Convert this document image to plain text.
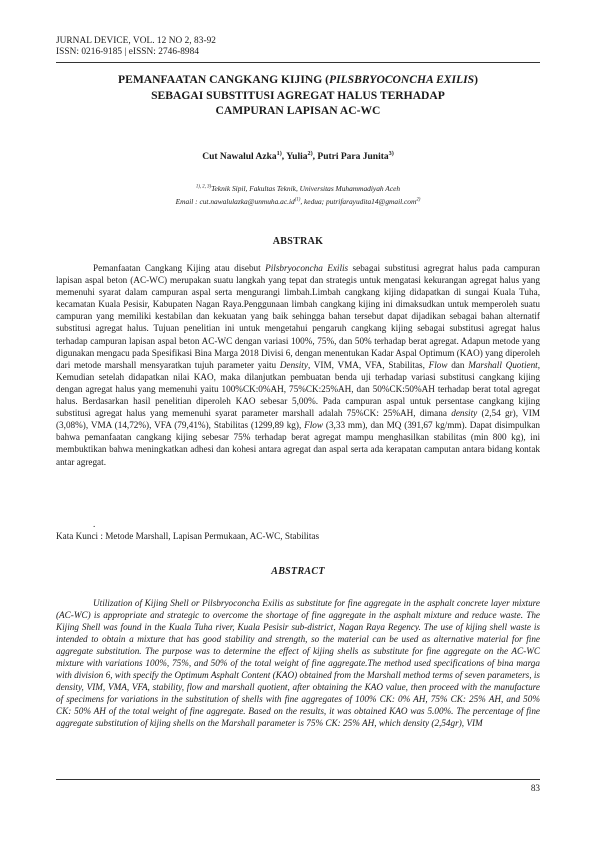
JURNAL DEVICE, VOL. 12 NO 2, 83-92
ISSN: 0216-9185 | eISSN: 2746-8984
PEMANFAATAN CANGKANG KIJING (PILSBRYOCONCHA EXILIS)
SEBAGAI SUBSTITUSI AGREGAT HALUS TERHADAP
CAMPURAN LAPISAN AC-WC
Cut Nawalul Azka$^{1)}$, Yulia$^{2)}$, Putri Para Junita$^{3)}$
$^{1), 2, 3)}$Teknik Sipil, Fakultas Teknik, Universitas Muhammadiyah Aceh
Email : $cut.nawalulazka@unmuha.ac.id^{(1)}$, kedua; putrifarayudita14@gmail.com$^{2)}$
ABSTRAK

Pemanfaatan Cangkang Kijing atau disebut Pilsbryoconcha Exilis sebagai substitusi agregrat halus pada campuran lapisan aspal beton (AC-WC) merupakan suatu langkah yang tepat dan strategis untuk mengatasi kekurangan agregat halus yang memenuhi syarat dalam campuran aspal serta mengurangi limbah.Limbah cangkang kijing didapatkan di sungai Kuala Tuha, kecamatan Kuala Pesisir, Kabupaten Nagan Raya.Penggunaan limbah cangkang kijing ini dimaksudkan untuk memperoleh suatu campuran yang memiliki kestabilan dan kekuatan yang baik sehingga bahan tersebut dapat dijadikan sebagai bahan alternatif substitusi agregat halus. Tujuan penelitian ini untuk mengetahui pengaruh cangkang kijing sebagai substitusi agregat halus terhadap campuran lapisan aspal beton AC-WC dengan variasi 100%, 75%, dan 50% terhadap berat agregat. Adapun metode yang digunakan mengacu pada Spesifikasi Bina Marga 2018 Divisi 6, dengan menentukan Kadar Aspal Optimum (KAO) yang diperoleh dari metode marshall mensyaratkan tujuh parameter yaitu Density, VIM, VMA, VFA, Stabilitas, Flow dan Marshall Quotient, Kemudian setelah didapatkan nilai KAO, maka dilanjutkan pembuatan benda uji terhadap variasi substitusi cangkang kijing dengan agregat halus yang memenuhi yaitu 100%CK:0%AH, 75%CK:25%AH, dan 50%CK:50%AH terhadap berat total agregat halus. Berdasarkan hasil penelitian diperoleh KAO sebesar 5,00%. Pada campuran aspal untuk persentase cangkang kijing substitusi agregat halus yang memenuhi syarat parameter marshall adalah 75%CK: 25%AH, dimana density (2,54 gr), VIM (3,08%), VMA (14,72%), VFA (79,41%), Stabilitas (1299,89 kg), Flow (3,33 mm), dan MQ (391,67 kg/mm). Dapat disimpulkan bahwa pemanfaatan cangkang kijing sebesar 75% terhadap berat agregat mampu menghasilkan stabilitas (min 800 kg), ini membuktikan bahwa meningkatkan adhesi dan kohesi antara agregat dan aspal serta ada kerapatan camputan antara bidang kontak antar agregat.

.
Kata Kunci : Metode Marshall, Lapisan Permukaan, AC-WC, Stabilitas
ABSTRACT

Utilization of Kijing Shell or Pilsbryoconcha Exilis as substitute for fine aggregate in the asphalt concrete layer mixture (AC-WC) is appropriate and strategic to overcome the shortage of fine aggregate in the asphalt mixture and reduce waste. The Kijing Shell was found in the Kuala Tuha river, Kuala Pesisir sub-district, Nagan Raya Regency. The use of kijing shell waste is intended to obtain a mixture that has good stability and strength, so the material can be used as alternative material for fine aggregate substitution. The purpose was to determine the effect of kijing shells as substitute for fine aggregate on the AC-WC mixture with variations 100%, 75%, and 50% of the total weight of fine aggregate.The method used specifications of bina marga with division 6, with specify the Optimum Asphalt Content (KAO) obtained from the Marshall method terms of seven parameters, is density, VIM, VMA, VFA, stability, flow and marshall quotient, after obtaining the KAO value, then proceed with the manufacture of specimens for variations in the substitution of shells with fine aggregates of 100% CK: 0% AH, 75% CK: 25% AH, and 50% CK: 50% AH of the total weight of fine aggregate. Based on the results, it was obtained KAO was 5.00%. The percentage of fine aggregate substitution of kijing shells on the Marshall parameter is 75% CK: 25% AH, which density (2,54gr), VIM

83
